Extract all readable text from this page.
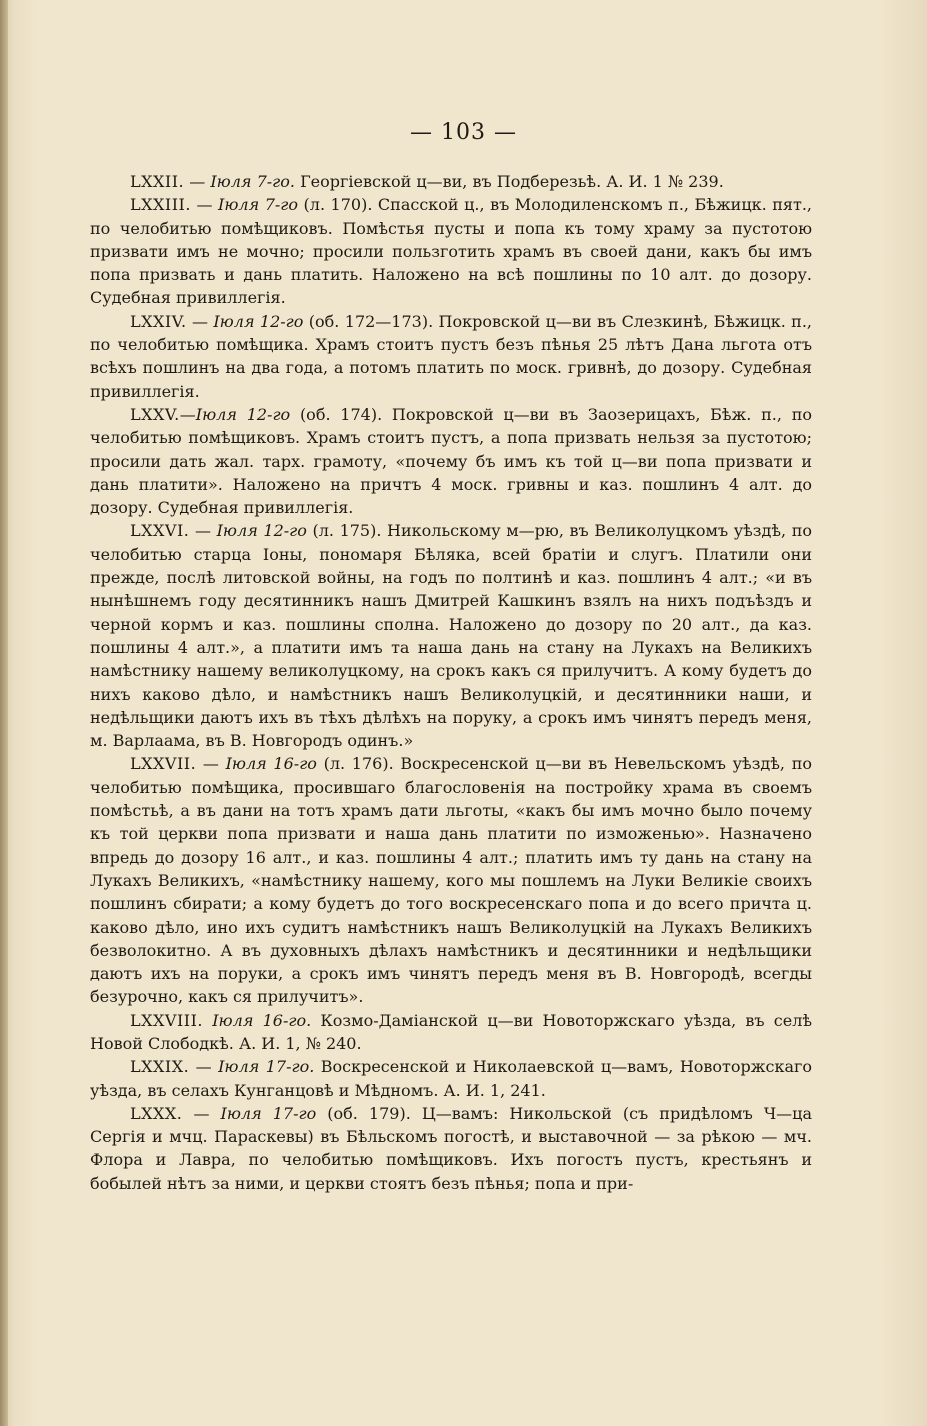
— 103 —

LXXII. — Іюля 7-го. Георгіевской ц—ви, въ Подберезьѣ. А. И. 1 № 239.

LXXIII. — Іюля 7-го (л. 170). Спасской ц., въ Молодиленскомъ п., Бѣжицк. пят., по челобитью помѣщиковъ. Помѣстья пусты и попа къ тому храму за пустотою призвати имъ не мочно; просили пользготить храмъ въ своей дани, какъ бы имъ попа призвать и дань платить. Наложено на всѣ пошлины по 10 алт. до дозору. Судебная привиллегія.

LXXIV. — Іюля 12-го (об. 172—173). Покровской ц—ви въ Слезкинѣ, Бѣжицк. п., по челобитью помѣщика. Храмъ стоитъ пустъ безъ пѣнья 25 лѣтъ Дана льгота отъ всѣхъ пошлинъ на два года, а потомъ платить по моск. гривнѣ, до дозору. Судебная привиллегія.

LXXV.—Іюля 12-го (об. 174). Покровской ц—ви въ Заозерицахъ, Бѣж. п., по челобитью помѣщиковъ. Храмъ стоитъ пустъ, а попа призвать нельзя за пустотою; просили дать жал. тарх. грамоту, «почему бъ имъ къ той ц—ви попа призвати и дань платити». Наложено на причтъ 4 моск. гривны и каз. пошлинъ 4 алт. до дозору. Судебная привиллегія.

LXXVI. — Іюля 12-го (л. 175). Никольскому м—рю, въ Великолуцкомъ уѣздѣ, по челобитью старца Іоны, пономаря Бѣляка, всей братіи и слугъ. Платили они прежде, послѣ литовской войны, на годъ по полтинѣ и каз. пошлинъ 4 алт.; «и въ нынѣшнемъ году десятинникъ нашъ Дмитрей Кашкинъ взялъ на нихъ подъѣздъ и черной кормъ и каз. пошлины сполна. Наложено до дозору по 20 алт., да каз. пошлины 4 алт.», а платити имъ та наша дань на стану на Лукахъ на Великихъ намѣстнику нашему великолуцкому, на срокъ какъ ся прилучитъ. А кому будетъ до нихъ каково дѣло, и намѣстникъ нашъ Великолуцкій, и десятинники наши, и недѣльщики даютъ ихъ въ тѣхъ дѣлѣхъ на поруку, а срокъ имъ чинятъ передъ меня, м. Варлаама, въ В. Новгородъ одинъ.»

LXXVII. — Іюля 16-го (л. 176). Воскресенской ц—ви въ Невельскомъ уѣздѣ, по челобитью помѣщика, просившаго благословенія на постройку храма въ своемъ помѣстьѣ, а въ дани на тотъ храмъ дати льготы, «какъ бы имъ мочно было почему къ той церкви попа призвати и наша дань платити по изможенью». Назначено впредь до дозору 16 алт., и каз. пошлины 4 алт.; платить имъ ту дань на стану на Лукахъ Великихъ, «намѣстнику нашему, кого мы пошлемъ на Луки Великіе своихъ пошлинъ сбирати; а кому будетъ до того воскресенскаго попа и до всего причта ц. каково дѣло, ино ихъ судитъ намѣстникъ нашъ Великолуцкій на Лукахъ Великихъ безволокитно. А въ духовныхъ дѣлахъ намѣстникъ и десятинники и недѣльщики даютъ ихъ на поруки, а срокъ имъ чинятъ передъ меня въ В. Новгородѣ, всегды безурочно, какъ ся прилучитъ».

LXXVIII. Іюля 16-го. Козмо-Даміанской ц—ви Новоторжскаго уѣзда, въ селѣ Новой Слободкѣ. А. И. 1, № 240.

LXXIX. — Іюля 17-го. Воскресенской и Николаевской ц—вамъ, Новоторжскаго уѣзда, въ селахъ Кунганцовѣ и Мѣдномъ. А. И. 1, 241.

LXXX. — Іюля 17-го (об. 179). Ц—вамъ: Никольской (съ придѣломъ Ч—ца Сергія и мчц. Параскевы) въ Бѣльскомъ погостѣ, и выставочной — за рѣкою — мч. Флора и Лавра, по челобитью помѣщиковъ. Ихъ погостъ пустъ, крестьянъ и бобылей нѣтъ за ними, и церкви стоятъ безъ пѣнья; попа и при-
